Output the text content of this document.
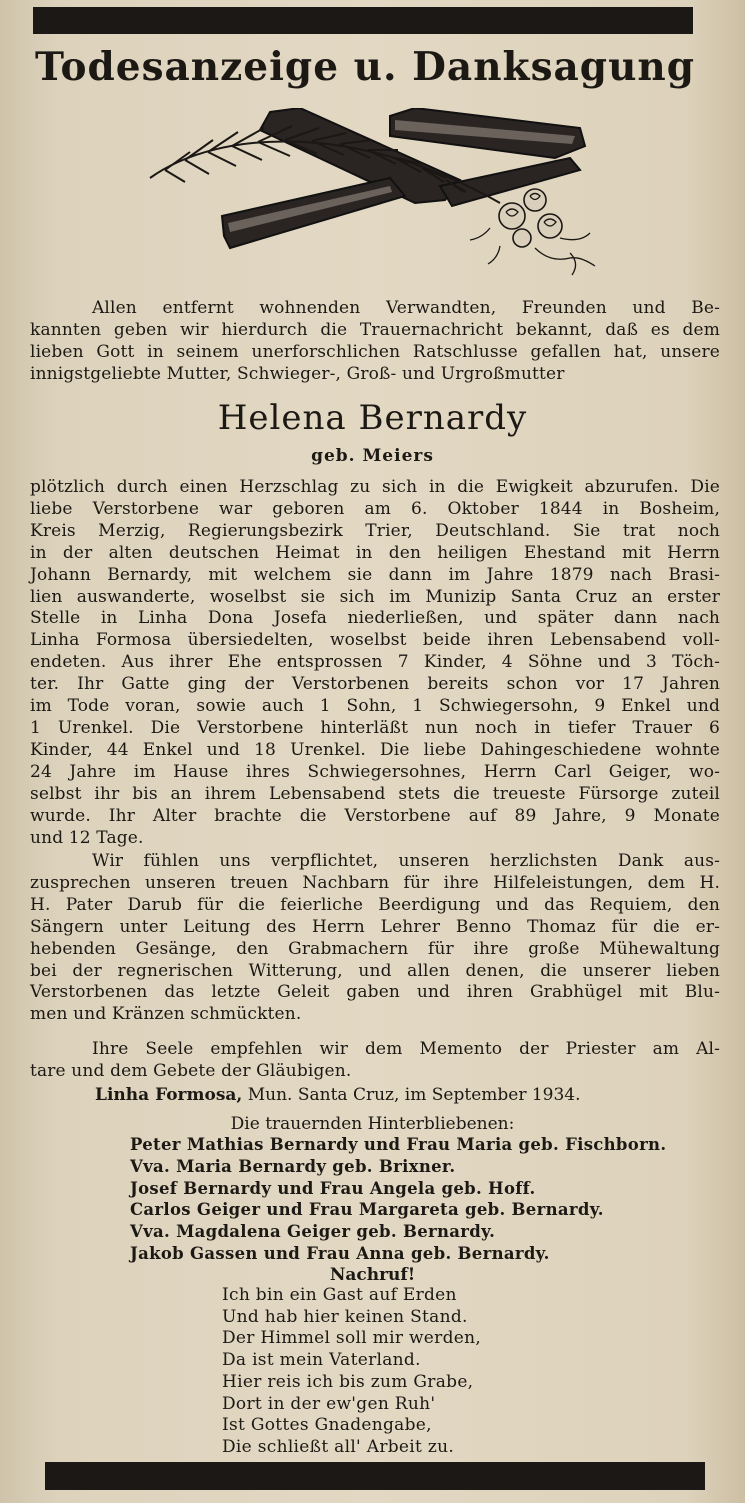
Todesanzeige u. Danksagung
Allen entfernt wohnenden Verwandten, Freunden und Be-
kannten geben wir hierdurch die Trauernachricht bekannt, daß es dem
lieben Gott in seinem unerforschlichen Ratschlusse gefallen hat, unsere
innigstgeliebte Mutter, Schwieger-, Groß- und Urgroßmutter
Helena Bernardy
geb. Meiers
plötzlich durch einen Herzschlag zu sich in die Ewigkeit abzurufen. Die
liebe Verstorbene war geboren am 6. Oktober 1844 in Bosheim,
Kreis Merzig, Regierungsbezirk Trier, Deutschland. Sie trat noch
in der alten deutschen Heimat in den heiligen Ehestand mit Herrn
Johann Bernardy, mit welchem sie dann im Jahre 1879 nach Brasi-
lien auswanderte, woselbst sie sich im Munizip Santa Cruz an erster
Stelle in Linha Dona Josefa niederließen, und später dann nach
Linha Formosa übersiedelten, woselbst beide ihren Lebensabend voll-
endeten. Aus ihrer Ehe entsprossen 7 Kinder, 4 Söhne und 3 Töch-
ter. Ihr Gatte ging der Verstorbenen bereits schon vor 17 Jahren
im Tode voran, sowie auch 1 Sohn, 1 Schwiegersohn, 9 Enkel und
1 Urenkel. Die Verstorbene hinterläßt nun noch in tiefer Trauer 6
Kinder, 44 Enkel und 18 Urenkel. Die liebe Dahingeschiedene wohnte
24 Jahre im Hause ihres Schwiegersohnes, Herrn Carl Geiger, wo-
selbst ihr bis an ihrem Lebensabend stets die treueste Fürsorge zuteil
wurde. Ihr Alter brachte die Verstorbene auf 89 Jahre, 9 Monate
und 12 Tage.
Wir fühlen uns verpflichtet, unseren herzlichsten Dank aus-
zusprechen unseren treuen Nachbarn für ihre Hilfeleistungen, dem H.
H. Pater Darub für die feierliche Beerdigung und das Requiem, den
Sängern unter Leitung des Herrn Lehrer Benno Thomaz für die er-
hebenden Gesänge, den Grabmachern für ihre große Mühewaltung
bei der regnerischen Witterung, und allen denen, die unserer lieben
Verstorbenen das letzte Geleit gaben und ihren Grabhügel mit Blu-
men und Kränzen schmückten.
Ihre Seele empfehlen wir dem Memento der Priester am Al-
tare und dem Gebete der Gläubigen.
Linha Formosa, Mun. Santa Cruz, im September 1934.
Die trauernden Hinterbliebenen:
Peter Mathias Bernardy und Frau Maria geb. Fischborn.
Vva. Maria Bernardy geb. Brixner.
Josef Bernardy und Frau Angela geb. Hoff.
Carlos Geiger und Frau Margareta geb. Bernardy.
Vva. Magdalena Geiger geb. Bernardy.
Jakob Gassen und Frau Anna geb. Bernardy.
Nachruf!
Ich bin ein Gast auf Erden
Und hab hier keinen Stand.
Der Himmel soll mir werden,
Da ist mein Vaterland.
Hier reis ich bis zum Grabe,
Dort in der ew'gen Ruh'
Ist Gottes Gnadengabe,
Die schließt all' Arbeit zu.
